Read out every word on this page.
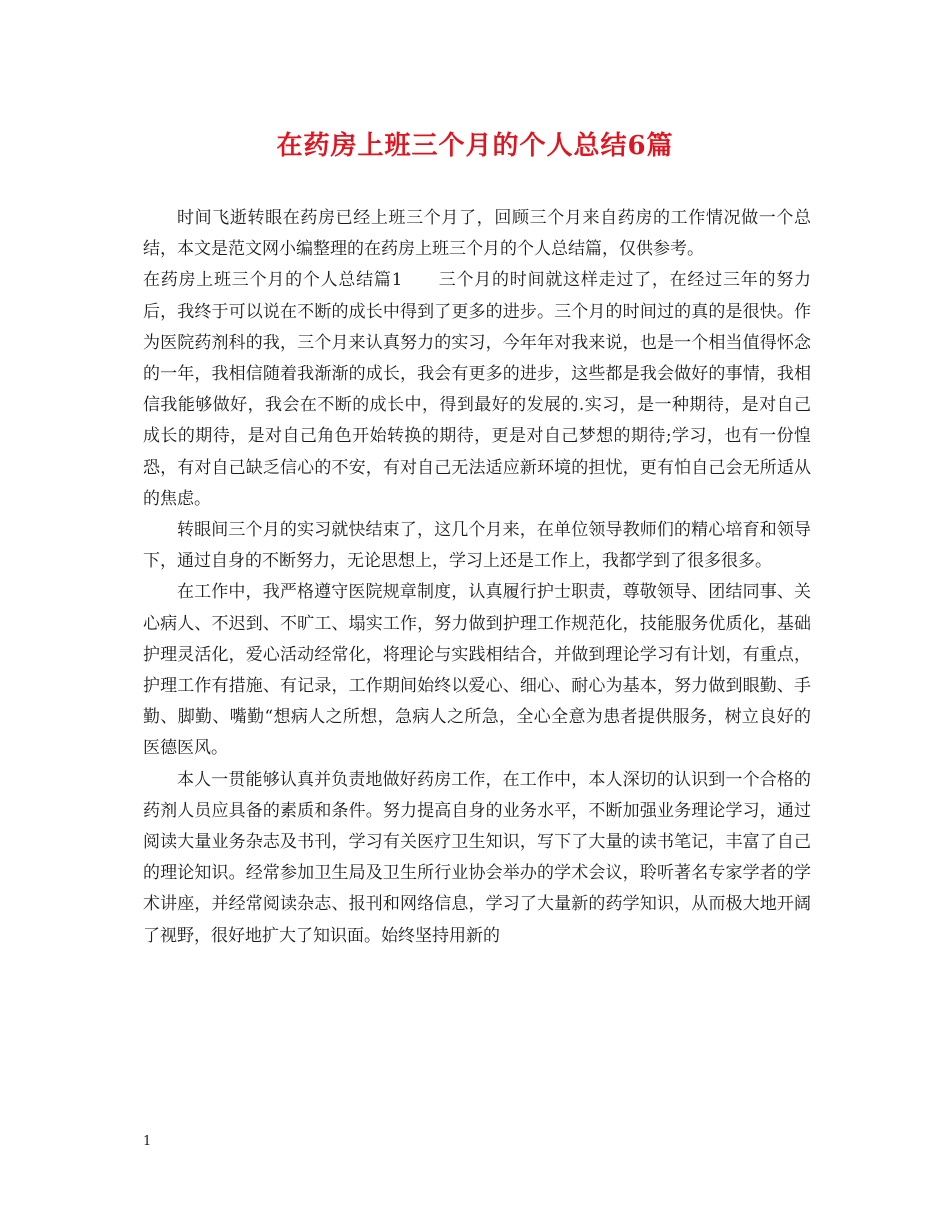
在药房上班三个月的个人总结6篇

时间飞逝转眼在药房已经上班三个月了，回顾三个月来自药房的工作情况做一个总结，本文是范文网小编整理的在药房上班三个月的个人总结篇，仅供参考。

在药房上班三个月的个人总结篇1　　三个月的时间就这样走过了，在经过三年的努力后，我终于可以说在不断的成长中得到了更多的进步。三个月的时间过的真的是很快。作为医院药剂科的我，三个月来认真努力的实习，今年年对我来说，也是一个相当值得怀念的一年，我相信随着我渐渐的成长，我会有更多的进步，这些都是我会做好的事情，我相信我能够做好，我会在不断的成长中，得到最好的发展的.实习，是一种期待，是对自己成长的期待，是对自己角色开始转换的期待，更是对自己梦想的期待;学习，也有一份惶恐，有对自己缺乏信心的不安，有对自己无法适应新环境的担忧，更有怕自己会无所适从的焦虑。

转眼间三个月的实习就快结束了，这几个月来，在单位领导教师们的精心培育和领导下，通过自身的不断努力，无论思想上，学习上还是工作上，我都学到了很多很多。

在工作中，我严格遵守医院规章制度，认真履行护士职责，尊敬领导、团结同事、关心病人、不迟到、不旷工、塌实工作，努力做到护理工作规范化，技能服务优质化，基础护理灵活化，爱心活动经常化，将理论与实践相结合，并做到理论学习有计划，有重点，护理工作有措施、有记录，工作期间始终以爱心、细心、耐心为基本，努力做到眼勤、手勤、脚勤、嘴勤“想病人之所想，急病人之所急，全心全意为患者提供服务，树立良好的医德医风。

本人一贯能够认真并负责地做好药房工作，在工作中，本人深切的认识到一个合格的药剂人员应具备的素质和条件。努力提高自身的业务水平，不断加强业务理论学习，通过阅读大量业务杂志及书刊，学习有关医疗卫生知识，写下了大量的读书笔记，丰富了自己的理论知识。经常参加卫生局及卫生所行业协会举办的学术会议，聆听著名专家学者的学术讲座，并经常阅读杂志、报刊和网络信息，学习了大量新的药学知识，从而极大地开阔了视野，很好地扩大了知识面。始终坚持用新的

1
